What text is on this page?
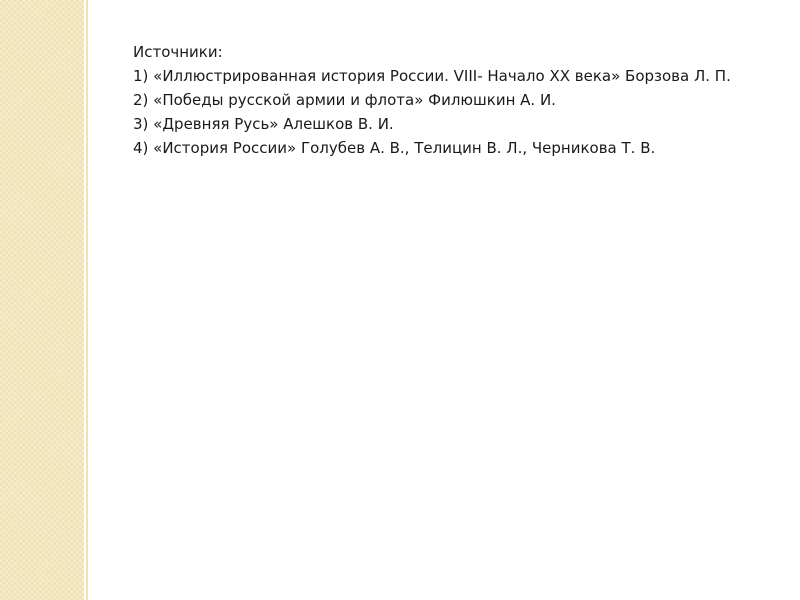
Источники:

1) «Иллюстрированная история России. VIII- Начало XX века» Борзова Л. П.

2) «Победы русской армии и флота» Филюшкин А. И.

3) «Древняя Русь» Алешков В. И.

4) «История России» Голубев А. В., Телицин В. Л., Черникова Т. В.
